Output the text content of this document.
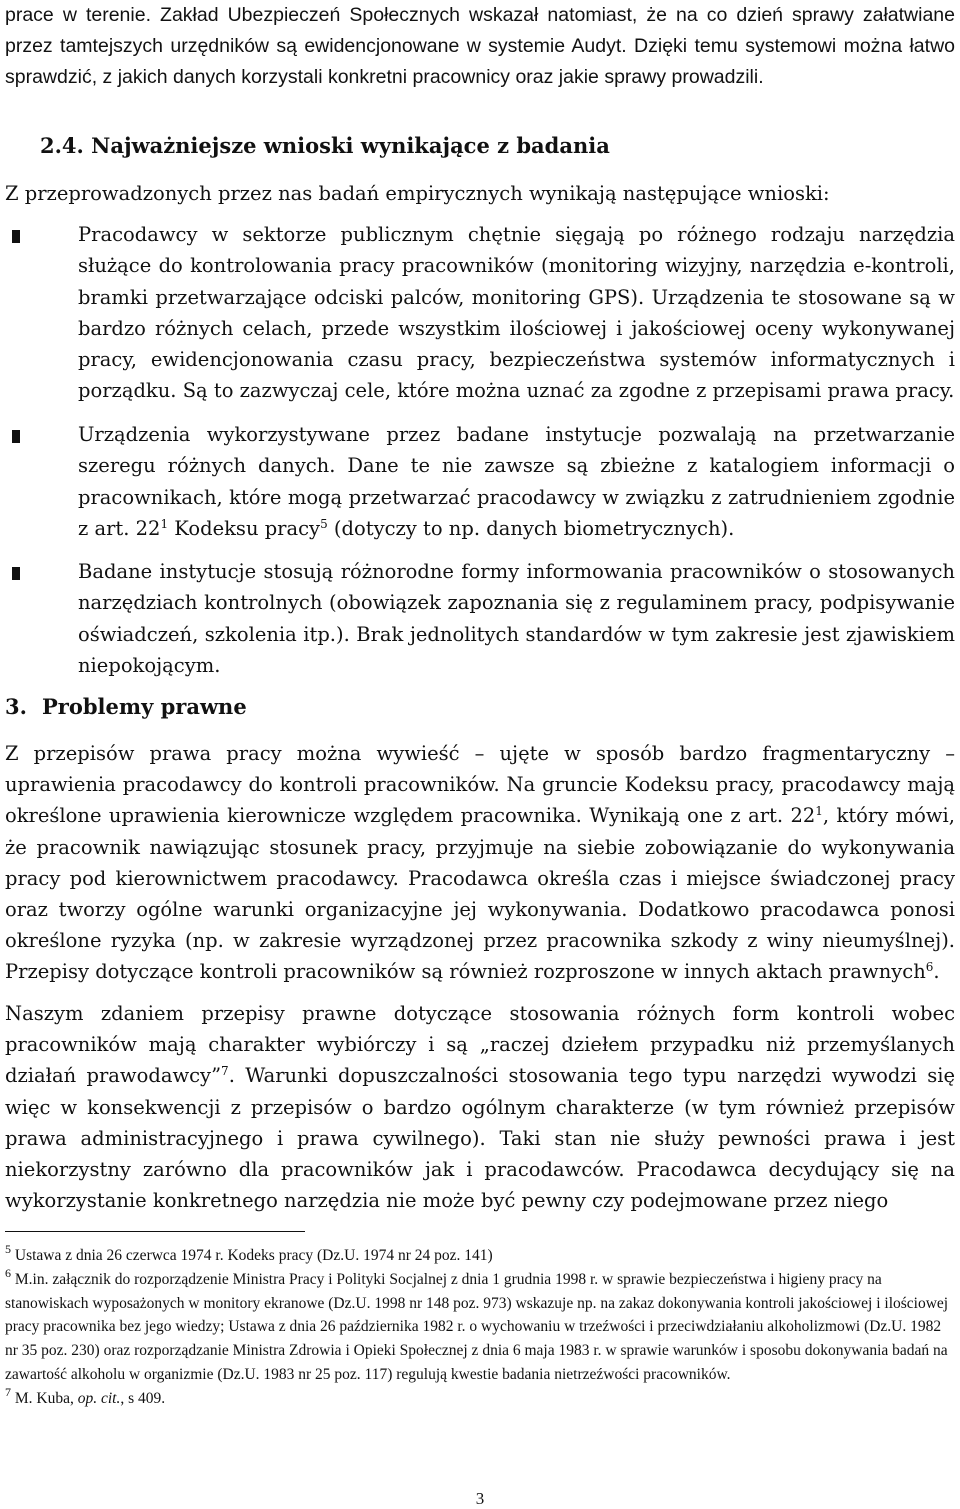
prace w terenie. Zakład Ubezpieczeń Społecznych wskazał natomiast, że na co dzień sprawy załatwiane przez tamtejszych urzędników są ewidencjonowane w systemie Audyt. Dzięki temu systemowi można łatwo sprawdzić, z jakich danych korzystali konkretni pracownicy oraz jakie sprawy prowadzili.

2.4. Najważniejsze wnioski wynikające z badania

Z przeprowadzonych przez nas badań empirycznych wynikają następujące wnioski:

Pracodawcy w sektorze publicznym chętnie sięgają po różnego rodzaju narzędzia służące do kontrolowania pracy pracowników (monitoring wizyjny, narzędzia e-kontroli, bramki przetwarzające odciski palców, monitoring GPS). Urządzenia te stosowane są w bardzo różnych celach, przede wszystkim ilościowej i jakościowej oceny wykonywanej pracy, ewidencjonowania czasu pracy, bezpieczeństwa systemów informatycznych i porządku. Są to zazwyczaj cele, które można uznać za zgodne z przepisami prawa pracy.
Urządzenia wykorzystywane przez badane instytucje pozwalają na przetwarzanie szeregu różnych danych. Dane te nie zawsze są zbieżne z katalogiem informacji o pracownikach, które mogą przetwarzać pracodawcy w związku z zatrudnieniem zgodnie z art. $22^1$ Kodeksu pracy$^5$ (dotyczy to np. danych biometrycznych).
Badane instytucje stosują różnorodne formy informowania pracowników o stosowanych narzędziach kontrolnych (obowiązek zapoznania się z regulaminem pracy, podpisywanie oświadczeń, szkolenia itp.). Brak jednolitych standardów w tym zakresie jest zjawiskiem niepokojącym.
3. Problemy prawne

Z przepisów prawa pracy można wywieść – ujęte w sposób bardzo fragmentaryczny – uprawienia pracodawcy do kontroli pracowników. Na gruncie Kodeksu pracy, pracodawcy mają określone uprawienia kierownicze względem pracownika. Wynikają one z art. $22^1$, który mówi, że pracownik nawiązując stosunek pracy, przyjmuje na siebie zobowiązanie do wykonywania pracy pod kierownictwem pracodawcy. Pracodawca określa czas i miejsce świadczonej pracy oraz tworzy ogólne warunki organizacyjne jej wykonywania. Dodatkowo pracodawca ponosi określone ryzyka (np. w zakresie wyrządzonej przez pracownika szkody z winy nieumyślnej). Przepisy dotyczące kontroli pracowników są również rozproszone w innych aktach prawnych$^6$.

Naszym zdaniem przepisy prawne dotyczące stosowania różnych form kontroli wobec pracowników mają charakter wybiórczy i są „raczej dziełem przypadku niż przemyślanych działań prawodawcy”$^7$. Warunki dopuszczalności stosowania tego typu narzędzi wywodzi się więc w konsekwencji z przepisów o bardzo ogólnym charakterze (w tym również przepisów prawa administracyjnego i prawa cywilnego). Taki stan nie służy pewności prawa i jest niekorzystny zarówno dla pracowników jak i pracodawców. Pracodawca decydujący się na wykorzystanie konkretnego narzędzia nie może być pewny czy podejmowane przez niego

$^5$ Ustawa z dnia 26 czerwca 1974 r. Kodeks pracy (Dz.U. 1974 nr 24 poz. 141)

$^6$ M.in. załącznik do rozporządzenie Ministra Pracy i Polityki Socjalnej z dnia 1 grudnia 1998 r. w sprawie bezpieczeństwa i higieny pracy na stanowiskach wyposażonych w monitory ekranowe (Dz.U. 1998 nr 148 poz. 973) wskazuje np. na zakaz dokonywania kontroli jakościowej i ilościowej pracy pracownika bez jego wiedzy; Ustawa z dnia 26 października 1982 r. o wychowaniu w trzeźwości i przeciwdziałaniu alkoholizmowi (Dz.U. 1982 nr 35 poz. 230) oraz rozporządzanie Ministra Zdrowia i Opieki Społecznej z dnia 6 maja 1983 r. w sprawie warunków i sposobu dokonywania badań na zawartość alkoholu w organizmie (Dz.U. 1983 nr 25 poz. 117) regulują kwestie badania nietrzeźwości pracowników.

$^7$ M. Kuba, op. cit., s 409.

3
